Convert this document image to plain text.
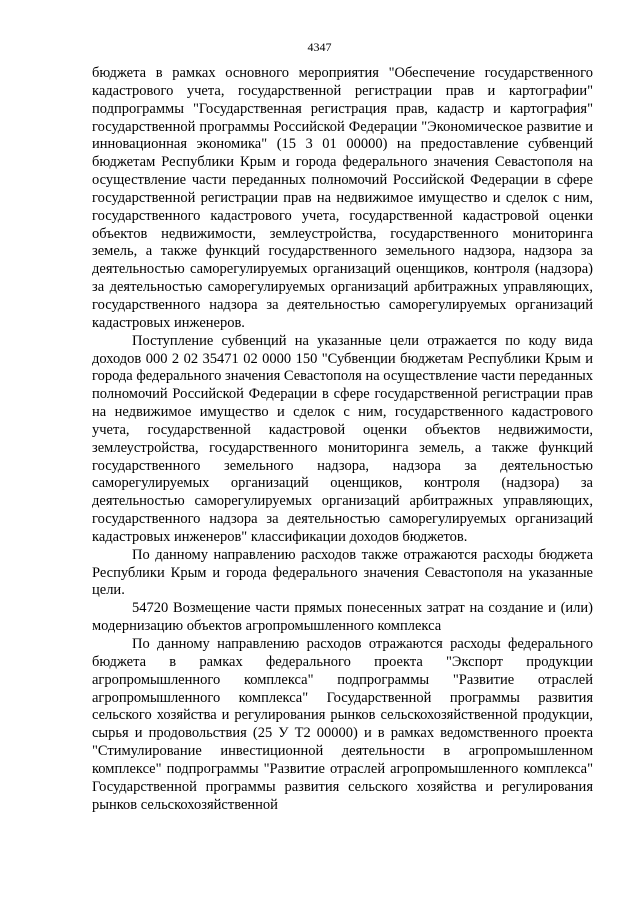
4347

бюджета в рамках основного мероприятия "Обеспечение государственного кадастрового учета, государственной регистрации прав и картографии" подпрограммы "Государственная регистрация прав, кадастр и картография" государственной программы Российской Федерации "Экономическое развитие и инновационная экономика" (15 3 01 00000) на предоставление субвенций бюджетам Республики Крым и города федерального значения Севастополя на осуществление части переданных полномочий Российской Федерации в сфере государственной регистрации прав на недвижимое имущество и сделок с ним, государственного кадастрового учета, государственной кадастровой оценки объектов недвижимости, землеустройства, государственного мониторинга земель, а также функций государственного земельного надзора, надзора за деятельностью саморегулируемых организаций оценщиков, контроля (надзора) за деятельностью саморегулируемых организаций арбитражных управляющих, государственного надзора за деятельностью саморегулируемых организаций кадастровых инженеров.

Поступление субвенций на указанные цели отражается по коду вида доходов 000 2 02 35471 02 0000 150 "Субвенции бюджетам Республики Крым и города федерального значения Севастополя на осуществление части переданных полномочий Российской Федерации в сфере государственной регистрации прав на недвижимое имущество и сделок с ним, государственного кадастрового учета, государственной кадастровой оценки объектов недвижимости, землеустройства, государственного мониторинга земель, а также функций государственного земельного надзора, надзора за деятельностью саморегулируемых организаций оценщиков, контроля (надзора) за деятельностью саморегулируемых организаций арбитражных управляющих, государственного надзора за деятельностью саморегулируемых организаций кадастровых инженеров" классификации доходов бюджетов.

По данному направлению расходов также отражаются расходы бюджета Республики Крым и города федерального значения Севастополя на указанные цели.

54720 Возмещение части прямых понесенных затрат на создание и (или) модернизацию объектов агропромышленного комплекса

По данному направлению расходов отражаются расходы федерального бюджета в рамках федерального проекта "Экспорт продукции агропромышленного комплекса" подпрограммы "Развитие отраслей агропромышленного комплекса" Государственной программы развития сельского хозяйства и регулирования рынков сельскохозяйственной продукции, сырья и продовольствия (25 У Т2 00000) и в рамках ведомственного проекта "Стимулирование инвестиционной деятельности в агропромышленном комплексе" подпрограммы "Развитие отраслей агропромышленного комплекса" Государственной программы развития сельского хозяйства и регулирования рынков сельскохозяйственной
